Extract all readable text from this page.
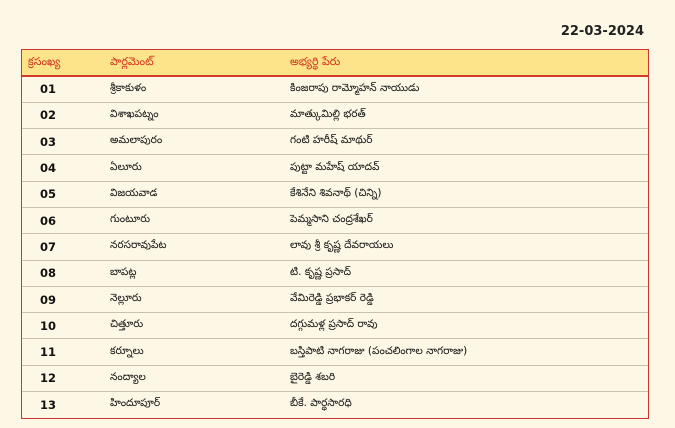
22-03-2024
క్రసంఖ్య	పార్లమెంట్	అభ్యర్థి పేరు
01	శ్రీకాకుళం	కింజరాపు రామ్మోహన్ నాయుడు
02	విశాఖపట్నం	మాత్కుమిల్లి భరత్
03	అమలాపురం	గంటి హరీష్ మాథుర్
04	ఏలూరు	పుట్టా మహేష్ యాదవ్
05	విజయవాడ	కేశినేని శివనాథ్ (చిన్ని)
06	గుంటూరు	పెమ్మసాని చంద్రశేఖర్
07	నరసరావుపేట	లావు శ్రీ కృష్ణ దేవరాయలు
08	బాపట్ల	టి. కృష్ణ ప్రసాద్
09	నెల్లూరు	వేమిరెడ్డి ప్రభాకర్ రెడ్డి
10	చిత్తూరు	దగ్గుమళ్ల ప్రసాద్ రావు
11	కర్నూలు	బస్తిపాటి నాగరాజు (పంచలింగాల నాగరాజు)
12	నంద్యాల	బైరెడ్డి శబరి
13	హిందూపూర్	బీకే. పార్థసారధి
